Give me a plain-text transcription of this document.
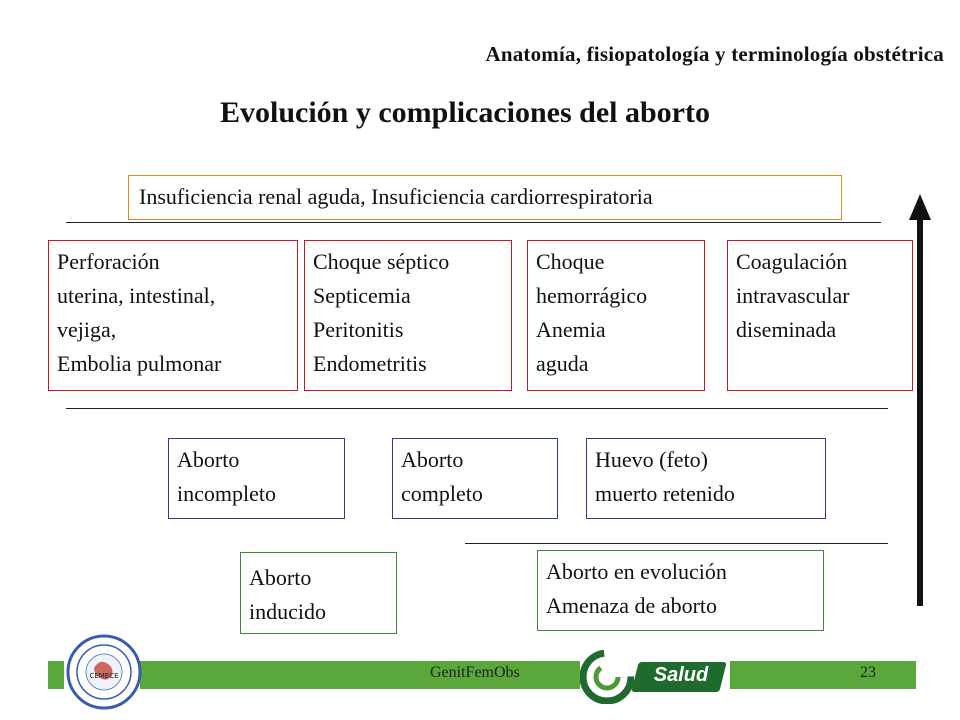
Anatomía, fisiopatología y terminología obstétrica
Evolución y complicaciones del aborto
Insuficiencia renal aguda, Insuficiencia cardiorrespiratoria
Perforación
uterina, intestinal,
vejiga,
Embolia pulmonar
Choque séptico
Septicemia
Peritonitis
Endometritis
Choque
hemorrágico
Anemia
aguda
Coagulación
intravascular
diseminada
Aborto
incompleto
Aborto
completo
Huevo (feto)
muerto retenido
Aborto
inducido
Aborto en evolución
Amenaza de aborto
CEMECE	GenitFemObs	Salud	23
